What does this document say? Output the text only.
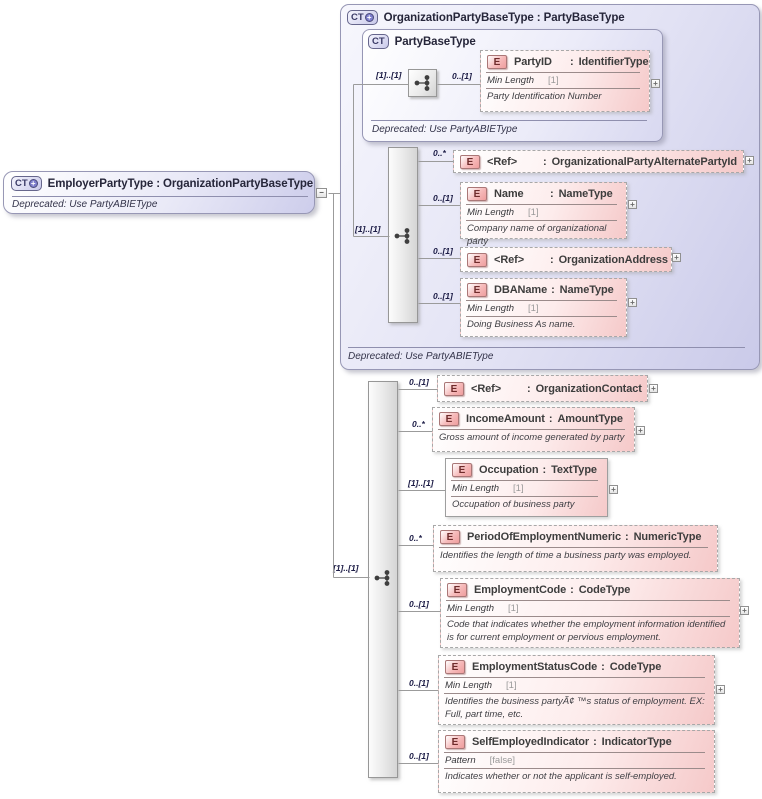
CT + EmployerPartyType : OrganizationPartyBaseType
Deprecated: Use PartyABIEType
−
CT + OrganizationPartyBaseType : PartyBaseType
Deprecated: Use PartyABIEType
CT PartyBaseType
Deprecated: Use PartyABIEType
E	PartyID	: IdentifierType
Min Length [1]
Party Identification Number
+
E	<Ref>	: OrganizationalPartyAlternatePartyId +
E	Name	: NameType
Min Length [1]
Company name of organizational party
+
E	<Ref>	: OrganizationAddress +
E	DBAName : NameType
Min Length [1]
Doing Business As name.
+
E	<Ref>	: OrganizationContact +
E	IncomeAmount : AmountType
Gross amount of income generated by party
+
E	Occupation : TextType
Min Length [1]
Occupation of business party
+
E	PeriodOfEmploymentNumeric : NumericType
Identifies the length of time a business party was employed.
E	EmploymentCode : CodeType
Min Length [1]
Code that indicates whether the employment information identified is for current employment or pervious employment.
+
E	EmploymentStatusCode : CodeType
Min Length [1]
Identifies the business partyÃ¢ ™s status of employment. EX: Full, part time, etc.
+
E	SelfEmployedIndicator : IndicatorType
Pattern [false]
Indicates whether or not the applicant is self-employed.
[1]..[1]	0..[1]
[1]..[1]
0..*
0..[1]
0..[1]
0..[1]
[1]..[1]
0..[1]
0..*
[1]..[1]
0..*
0..[1]
0..[1]
0..[1]
